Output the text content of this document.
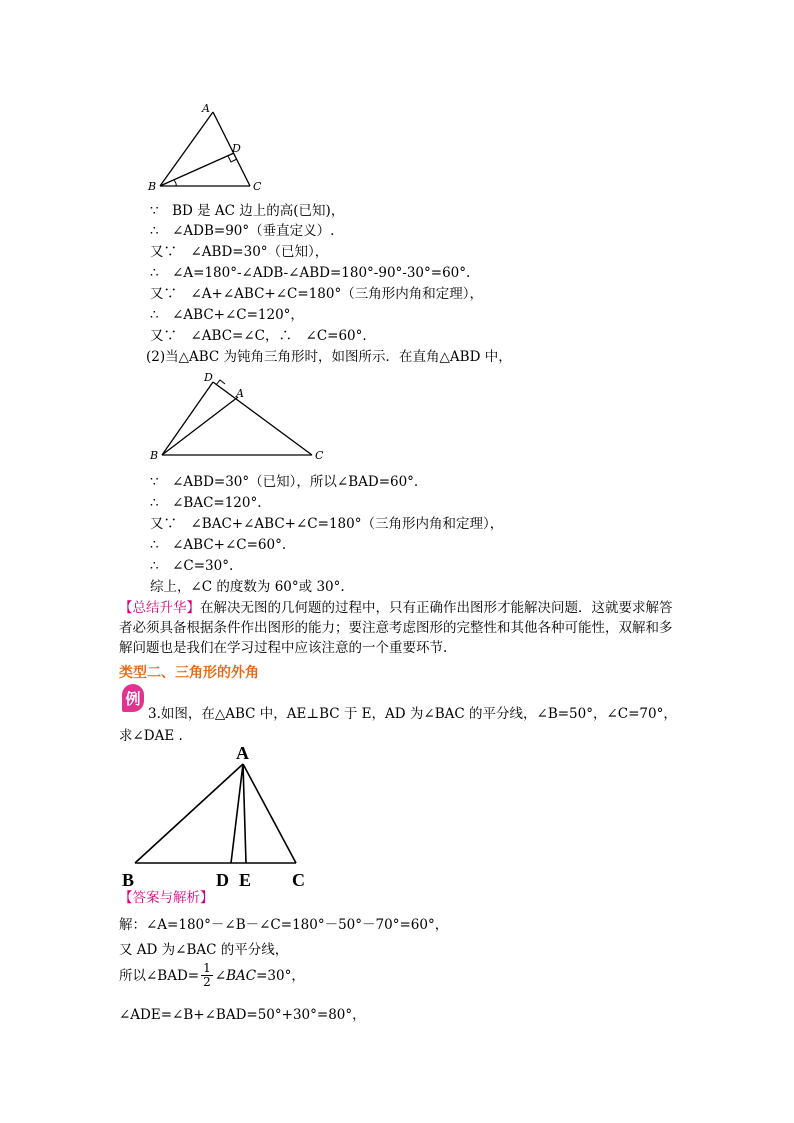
A
D
B	C
∵　BD 是 AC 边上的高(已知)，
∴　∠ADB=90°（垂直定义）.
又∵　∠ABD=30°（已知），
∴　∠A=180°-∠ADB-∠ABD=180°-90°-30°=60°.
又∵　∠A+∠ABC+∠C=180°（三角形内角和定理），
∴　∠ABC+∠C=120°，
又∵　∠ABC=∠C，∴　∠C=60°.
(2)当△ABC 为钝角三角形时，如图所示．在直角△ABD 中，
D
A
B	C
∵　∠ABD=30°（已知），所以∠BAD=60°.
∴　∠BAC=120°.
又∵　∠BAC+∠ABC+∠C=180°（三角形内角和定理），
∴　∠ABC+∠C=60°.
∴　∠C=30°.
综上，∠C 的度数为 60°或 30°.
【总结升华】在解决无图的几何题的过程中，只有正确作出图形才能解决问题．这就要求解答者必须具备根据条件作出图形的能力；要注意考虑图形的完整性和其他各种可能性，双解和多解问题也是我们在学习过程中应该注意的一个重要环节.
类型二、三角形的外角
例
3.如图，在△ABC 中，AE⊥BC 于 E，AD 为∠BAC 的平分线，∠B=50°，∠C=70°，
求∠DAE .
A
B	D E C
【答案与解析】
解：∠A=180°－∠B－∠C=180°－50°－70°=60°，
又 AD 为∠BAC 的平分线，
所以∠BAD= $\frac{1}{2}$ ∠BAC =30°，
∠ADE=∠B+∠BAD=50°+30°=80°，
